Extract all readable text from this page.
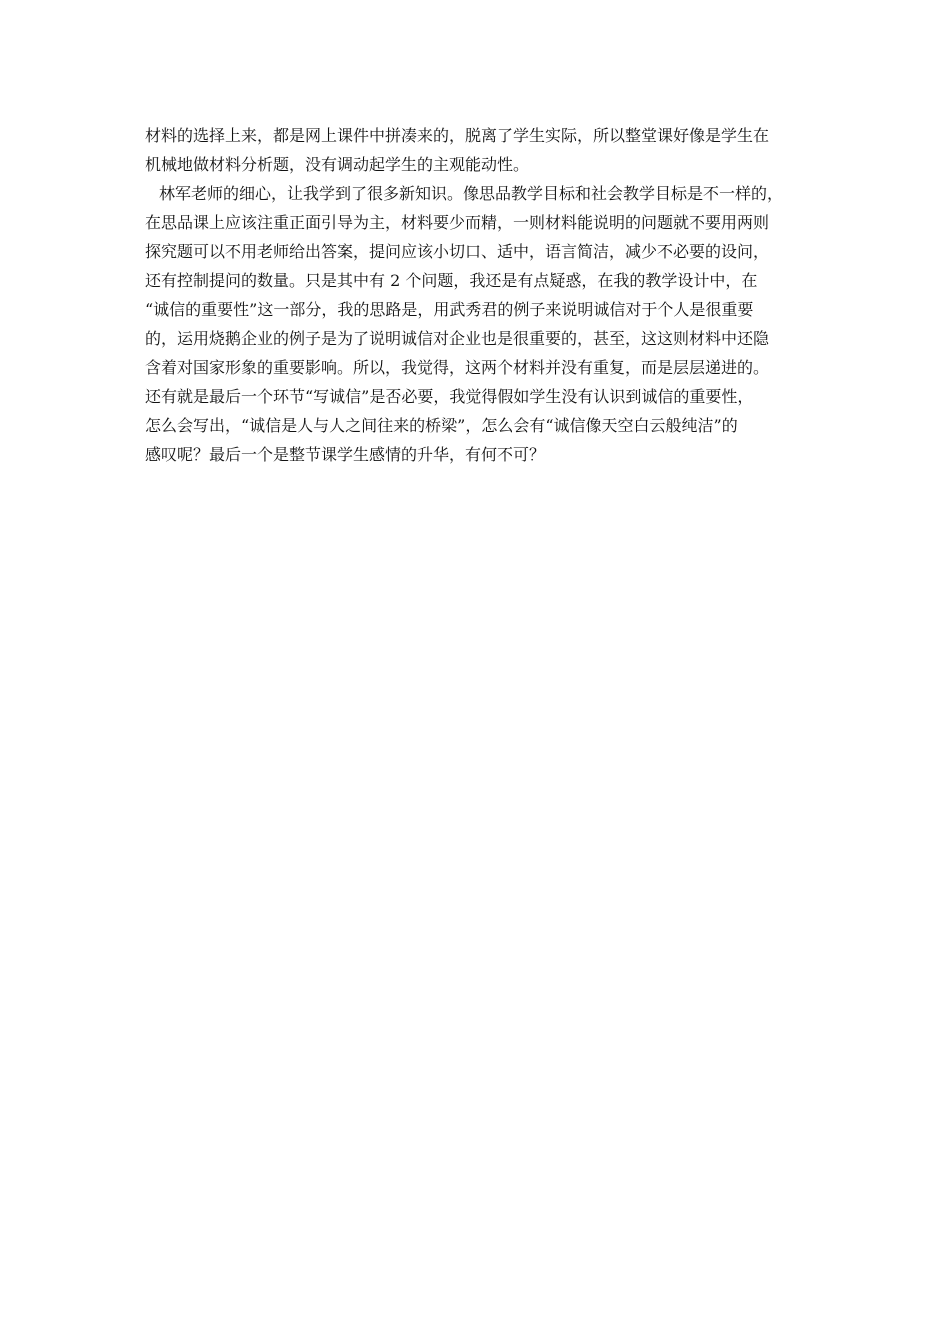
材料的选择上来，都是网上课件中拼凑来的，脱离了学生实际，所以整堂课好像是学生在
机械地做材料分析题，没有调动起学生的主观能动性。
林军老师的细心，让我学到了很多新知识。像思品教学目标和社会教学目标是不一样的，
在思品课上应该注重正面引导为主，材料要少而精，一则材料能说明的问题就不要用两则
探究题可以不用老师给出答案，提问应该小切口、适中，语言简洁，减少不必要的设问，
还有控制提问的数量。只是其中有 2 个问题，我还是有点疑惑，在我的教学设计中，在
“诚信的重要性”这一部分，我的思路是，用武秀君的例子来说明诚信对于个人是很重要
的，运用烧鹅企业的例子是为了说明诚信对企业也是很重要的，甚至，这这则材料中还隐
含着对国家形象的重要影响。所以，我觉得，这两个材料并没有重复，而是层层递进的。
还有就是最后一个环节“写诚信”是否必要，我觉得假如学生没有认识到诚信的重要性，
怎么会写出，“诚信是人与人之间往来的桥梁”，怎么会有“诚信像天空白云般纯洁”的
感叹呢？最后一个是整节课学生感情的升华，有何不可？
